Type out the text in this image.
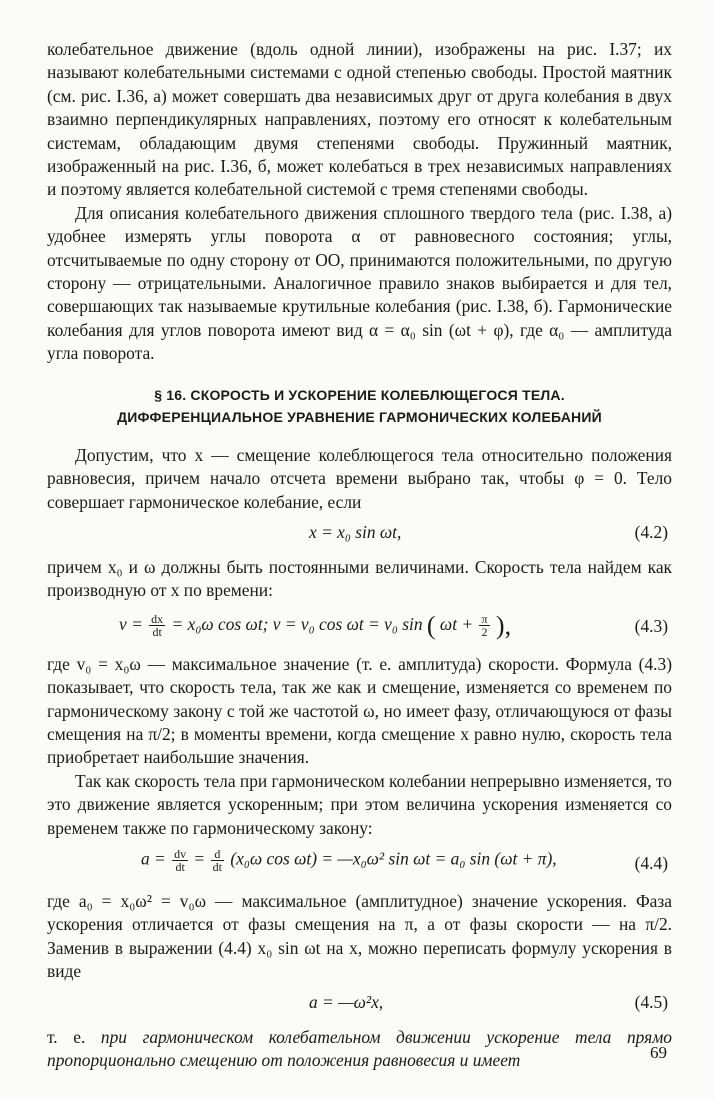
колебательное движение (вдоль одной линии), изображены на рис. I.37; их называют колебательными системами с одной степенью свободы. Простой маятник (см. рис. I.36, а) может совершать два независимых друг от друга колебания в двух взаимно перпендикулярных направлениях, поэтому его относят к колебательным системам, обладающим двумя степенями свободы. Пружинный маятник, изображенный на рис. I.36, б, может колебаться в трех независимых направлениях и поэтому является колебательной системой с тремя степенями свободы.

Для описания колебательного движения сплошного твердого тела (рис. I.38, а) удобнее измерять углы поворота α от равновесного состояния; углы, отсчитываемые по одну сторону от OO, принимаются положительными, по другую сторону — отрицательными. Аналогичное правило знаков выбирается и для тел, совершающих так называемые крутильные колебания (рис. I.38, б). Гармонические колебания для углов поворота имеют вид α = α₀ sin (ωt + φ), где α₀ — амплитуда угла поворота.

§ 16. СКОРОСТЬ И УСКОРЕНИЕ КОЛЕБЛЮЩЕГОСЯ ТЕЛА.
ДИФФЕРЕНЦИАЛЬНОЕ УРАВНЕНИЕ ГАРМОНИЧЕСКИХ КОЛЕБАНИЙ

Допустим, что x — смещение колеблющегося тела относительно положения равновесия, причем начало отсчета времени выбрано так, чтобы φ = 0. Тело совершает гармоническое колебание, если

x = x₀ sin ωt,	(4.2)

причем x₀ и ω должны быть постоянными величинами. Скорость тела найдем как производную от x по времени:

$v = \frac{dx}{dt} = x_0\omega$ cos ωt; v = v₀ cos ωt = v₀ sin ( $\omega t + \frac{\pi}{2}$ ),	(4.3)

где v₀ = x₀ω — максимальное значение (т. е. амплитуда) скорости. Формула (4.3) показывает, что скорость тела, так же как и смещение, изменяется со временем по гармоническому закону с той же частотой ω, но имеет фазу, отличающуюся от фазы смещения на π/2; в моменты времени, когда смещение x равно нулю, скорость тела приобретает наибольшие значения.

Так как скорость тела при гармоническом колебании непрерывно изменяется, то это движение является ускоренным; при этом величина ускорения изменяется со временем также по гармоническому закону:

$a = \frac{dv}{dt} = \frac{d}{dt} (x_0\omega$ cos ωt) = —x₀ω² sin ωt = a₀ sin (ωt + π),	(4.4)

где a₀ = x₀ω² = v₀ω — максимальное (амплитудное) значение ускорения. Фаза ускорения отличается от фазы смещения на π, а от фазы скорости — на π/2. Заменив в выражении (4.4) x₀ sin ωt на x, можно переписать формулу ускорения в виде

a = —ω²x,	(4.5)

т. е. при гармоническом колебательном движении ускорение тела прямо пропорционально смещению от положения равновесия и имеет	69
